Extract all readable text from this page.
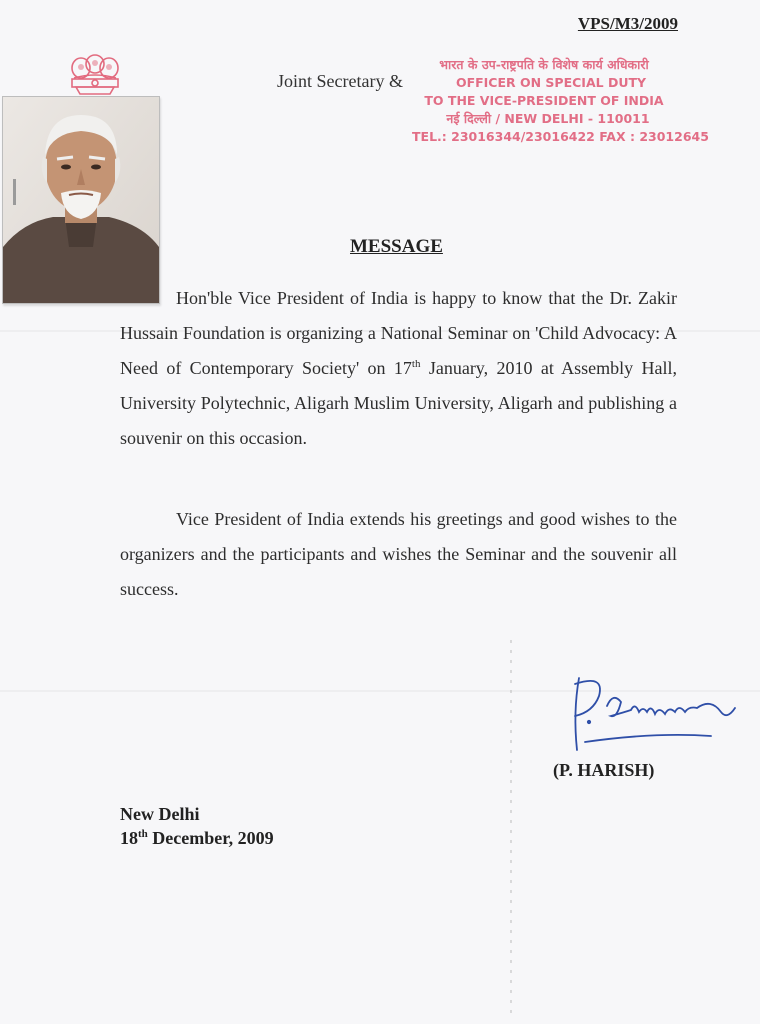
VPS/M3/2009
Joint Secretary &
भारत के उप-राष्ट्रपति के विशेष कार्य अधिकारी
OFFICER ON SPECIAL DUTY
TO THE VICE-PRESIDENT OF INDIA
नई दिल्ली / NEW DELHI - 110011
TEL.: 23016344/23016422 FAX : 23012645
MESSAGE

Hon'ble Vice President of India is happy to know that the Dr. Zakir Hussain Foundation is organizing a National Seminar on 'Child Advocacy: A Need of Contemporary Society' on 17th January, 2010 at Assembly Hall, University Polytechnic, Aligarh Muslim University, Aligarh and publishing a souvenir on this occasion.

Vice President of India extends his greetings and good wishes to the organizers and the participants and wishes the Seminar and the souvenir all success.

(P. HARISH)
New Delhi
18th December, 2009
